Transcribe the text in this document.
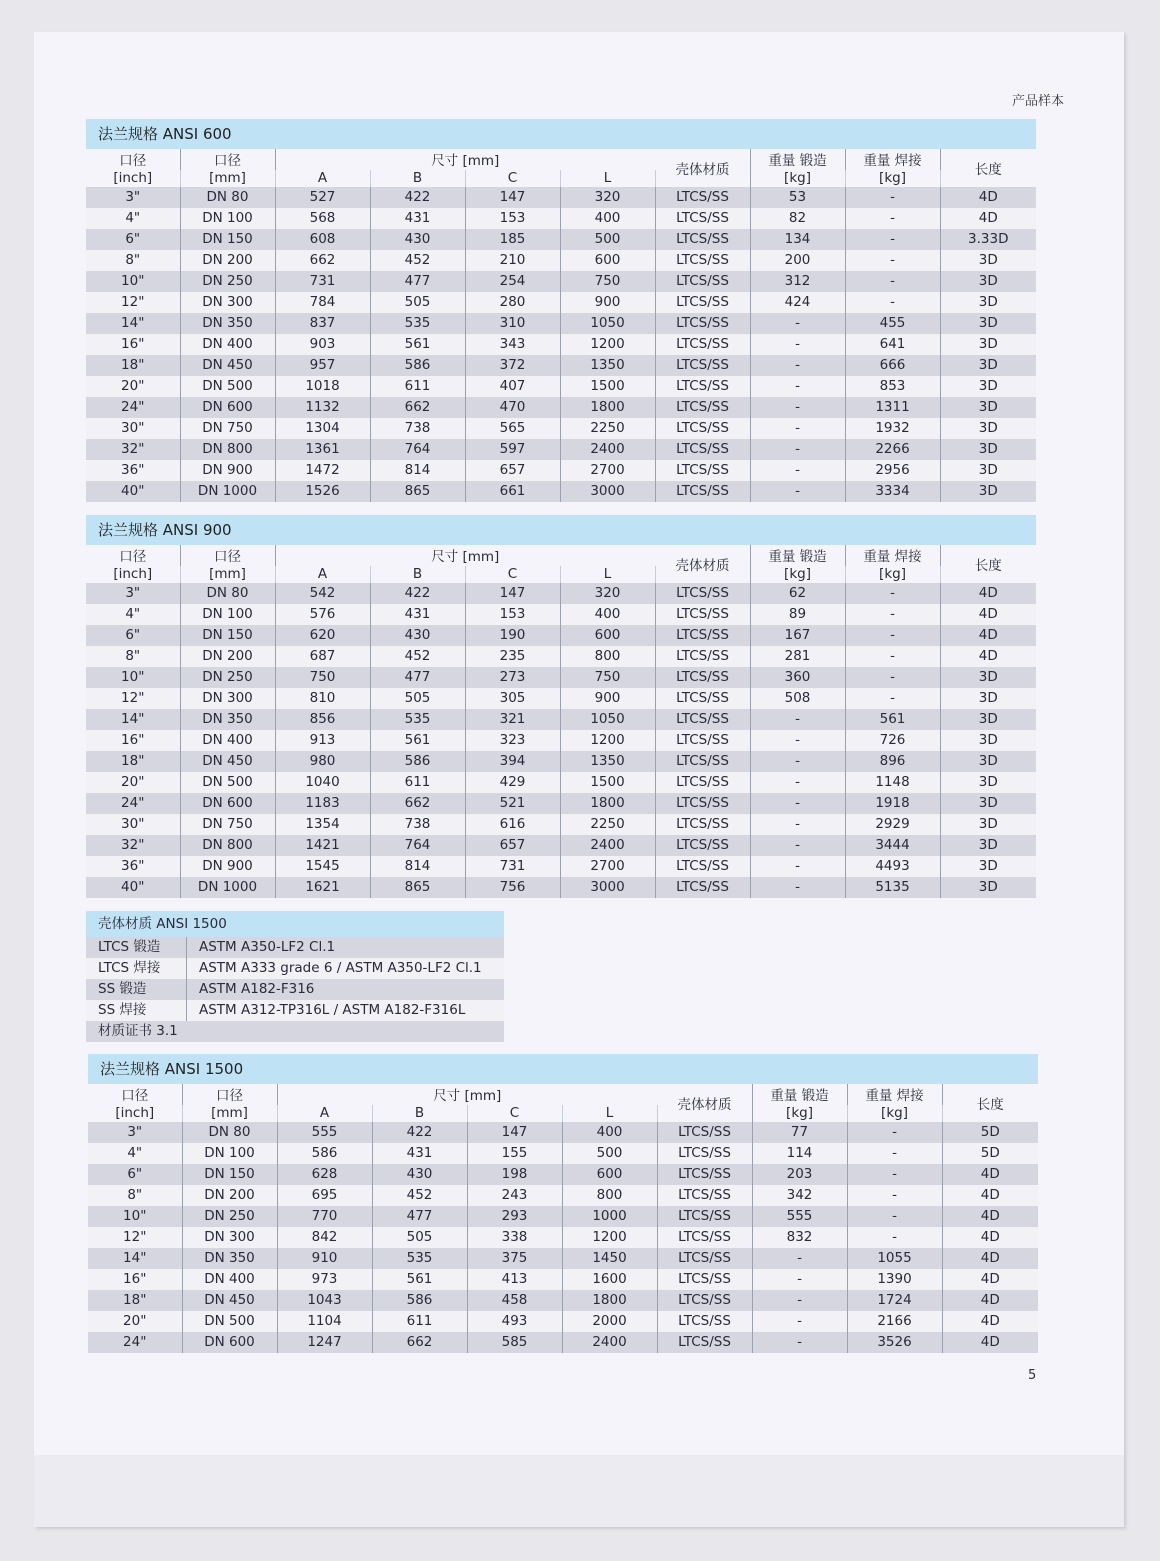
产品样本
法兰规格 ANSI 600
口径	口径	尺寸 [mm]				壳体材质	重量 锻造	重量 焊接	长度
[inch]	[mm]	A	B	C	L		[kg]	[kg]	
3"	DN 80	527	422	147	320	LTCS/SS	53	-	4D
4"	DN 100	568	431	153	400	LTCS/SS	82	-	4D
6"	DN 150	608	430	185	500	LTCS/SS	134	-	3.33D
8"	DN 200	662	452	210	600	LTCS/SS	200	-	3D
10"	DN 250	731	477	254	750	LTCS/SS	312	-	3D
12"	DN 300	784	505	280	900	LTCS/SS	424	-	3D
14"	DN 350	837	535	310	1050	LTCS/SS	-	455	3D
16"	DN 400	903	561	343	1200	LTCS/SS	-	641	3D
18"	DN 450	957	586	372	1350	LTCS/SS	-	666	3D
20"	DN 500	1018	611	407	1500	LTCS/SS	-	853	3D
24"	DN 600	1132	662	470	1800	LTCS/SS	-	1311	3D
30"	DN 750	1304	738	565	2250	LTCS/SS	-	1932	3D
32"	DN 800	1361	764	597	2400	LTCS/SS	-	2266	3D
36"	DN 900	1472	814	657	2700	LTCS/SS	-	2956	3D
40"	DN 1000	1526	865	661	3000	LTCS/SS	-	3334	3D
法兰规格 ANSI 900
口径	口径	尺寸 [mm]				壳体材质	重量 锻造	重量 焊接	长度
[inch]	[mm]	A	B	C	L		[kg]	[kg]	
3"	DN 80	542	422	147	320	LTCS/SS	62	-	4D
4"	DN 100	576	431	153	400	LTCS/SS	89	-	4D
6"	DN 150	620	430	190	600	LTCS/SS	167	-	4D
8"	DN 200	687	452	235	800	LTCS/SS	281	-	4D
10"	DN 250	750	477	273	750	LTCS/SS	360	-	3D
12"	DN 300	810	505	305	900	LTCS/SS	508	-	3D
14"	DN 350	856	535	321	1050	LTCS/SS	-	561	3D
16"	DN 400	913	561	323	1200	LTCS/SS	-	726	3D
18"	DN 450	980	586	394	1350	LTCS/SS	-	896	3D
20"	DN 500	1040	611	429	1500	LTCS/SS	-	1148	3D
24"	DN 600	1183	662	521	1800	LTCS/SS	-	1918	3D
30"	DN 750	1354	738	616	2250	LTCS/SS	-	2929	3D
32"	DN 800	1421	764	657	2400	LTCS/SS	-	3444	3D
36"	DN 900	1545	814	731	2700	LTCS/SS	-	4493	3D
40"	DN 1000	1621	865	756	3000	LTCS/SS	-	5135	3D
壳体材质 ANSI 1500
LTCS 锻造	ASTM A350-LF2 Cl.1
LTCS 焊接	ASTM A333 grade 6 / ASTM A350-LF2 Cl.1
SS 锻造	ASTM A182-F316
SS 焊接	ASTM A312-TP316L / ASTM A182-F316L
材质证书 3.1	
法兰规格 ANSI 1500
口径	口径	尺寸 [mm]				壳体材质	重量 锻造	重量 焊接	长度
[inch]	[mm]	A	B	C	L		[kg]	[kg]	
3"	DN 80	555	422	147	400	LTCS/SS	77	-	5D
4"	DN 100	586	431	155	500	LTCS/SS	114	-	5D
6"	DN 150	628	430	198	600	LTCS/SS	203	-	4D
8"	DN 200	695	452	243	800	LTCS/SS	342	-	4D
10"	DN 250	770	477	293	1000	LTCS/SS	555	-	4D
12"	DN 300	842	505	338	1200	LTCS/SS	832	-	4D
14"	DN 350	910	535	375	1450	LTCS/SS	-	1055	4D
16"	DN 400	973	561	413	1600	LTCS/SS	-	1390	4D
18"	DN 450	1043	586	458	1800	LTCS/SS	-	1724	4D
20"	DN 500	1104	611	493	2000	LTCS/SS	-	2166	4D
24"	DN 600	1247	662	585	2400	LTCS/SS	-	3526	4D
5
